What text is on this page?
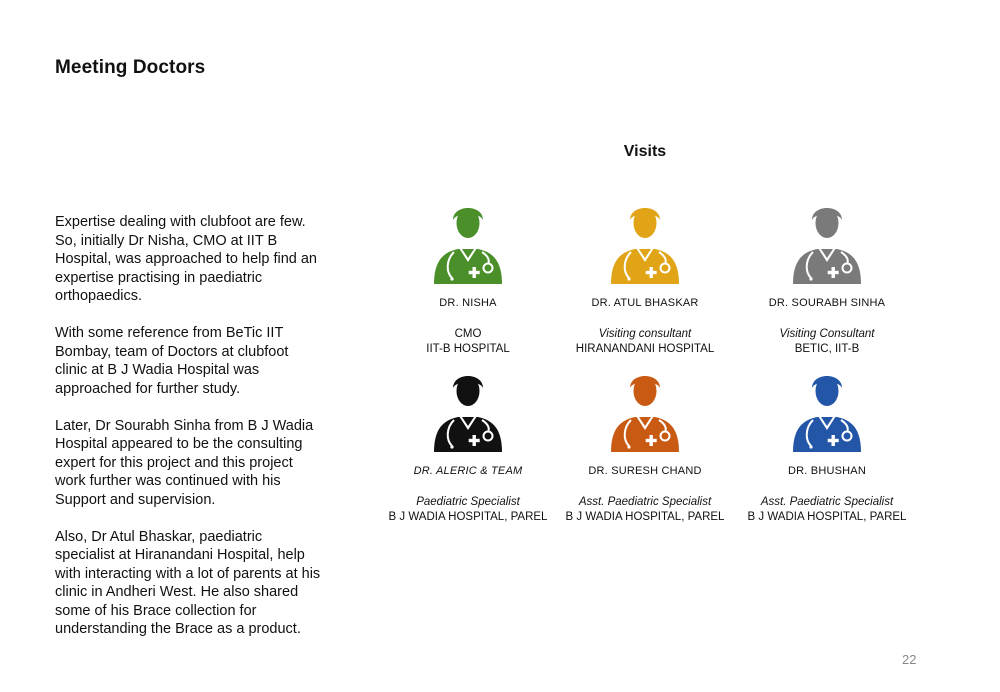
Meeting Doctors

Expertise dealing with clubfoot are few. So, initially Dr Nisha, CMO at IIT B Hospital, was approached to help find an expertise practising in paediatric orthopaedics.

With some reference from BeTic IIT Bombay, team of Doctors at clubfoot clinic at B J Wadia Hospital was approached for further study.

Later, Dr Sourabh Sinha from B J Wadia Hospital appeared to be the consulting expert for this project and this project work further was continued with his Support and supervision.

Also, Dr Atul Bhaskar, paediatric specialist at Hiranandani Hospital, help with interacting with a lot of parents at his clinic in Andheri West. He also shared some of his Brace collection for understanding the Brace as a product.

Visits
DR. NISHA
CMO
IIT-B HOSPITAL
DR. ATUL BHASKAR
Visiting consultant
HIRANANDANI HOSPITAL
DR. SOURABH SINHA
Visiting Consultant
BETIC, IIT-B
DR. ALERIC & TEAM
Paediatric Specialist
B J WADIA HOSPITAL, PAREL
DR. SURESH CHAND
Asst. Paediatric Specialist
B J WADIA HOSPITAL, PAREL
DR. BHUSHAN
Asst. Paediatric Specialist
B J WADIA HOSPITAL, PAREL
22
